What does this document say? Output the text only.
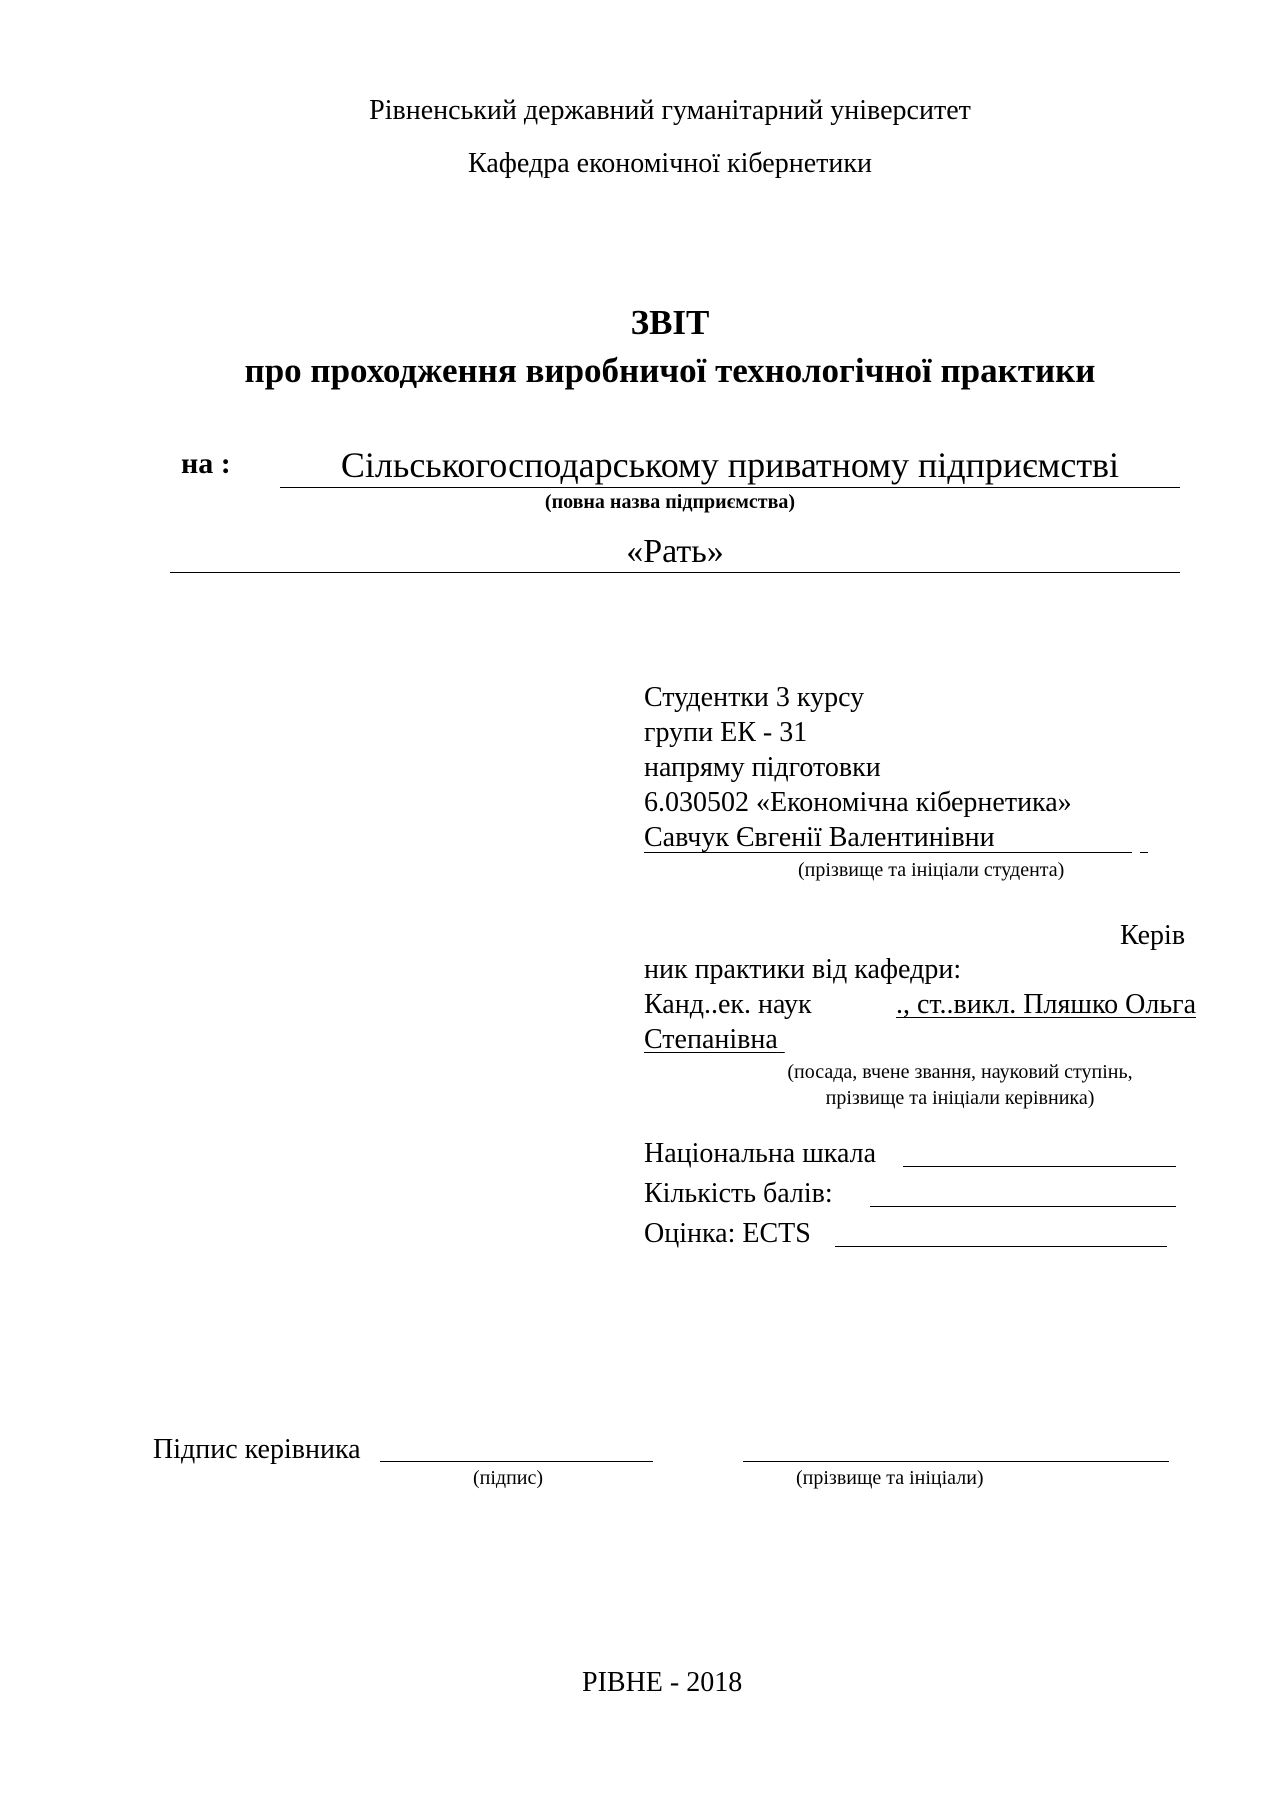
Рівненський державний гуманітарний університет
Кафедра економічної кібернетики
ЗВІТ
про проходження виробничої технологічної практики
на :	Сільськогосподарському приватному підприємстві
(повна назва підприємства)
«Рать»
Студентки 3 курсу
групи ЕК - 31
напряму підготовки
6.030502 «Економічна кібернетика»
Савчук Євгенії Валентинівни
(прізвище та ініціали студента)
Керів
ник практики від кафедри:
Канд..ек. наук	., ст..викл. Пляшко Ольга
Степанівна
(посада, вчене звання, науковий ступінь,
прізвище та ініціали керівника)
Національна шкала
Кількість балів:
Оцінка: ECTS
Підпис керівника
(підпис)	(прізвище та ініціали)
РІВНЕ - 2018
